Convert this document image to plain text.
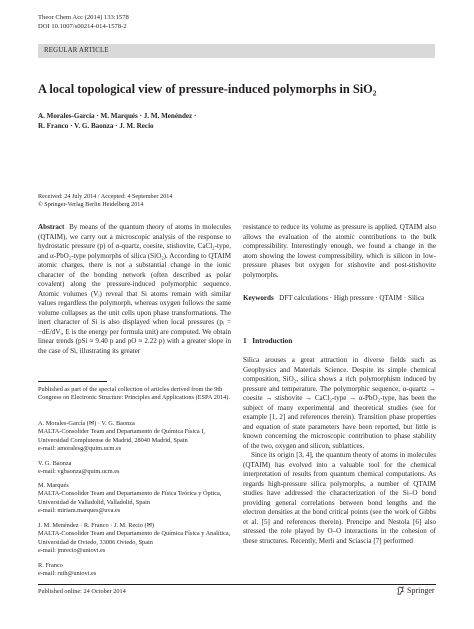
Theor Chem Acc (2014) 133:1578
DOI 10.1007/s00214-014-1578-2
REGULAR ARTICLE
A local topological view of pressure-induced polymorphs in SiO₂
A. Morales-García · M. Marqués · J. M. Menéndez ·
R. Franco · V. G. Baonza · J. M. Recio
Received: 24 July 2014 / Accepted: 4 September 2014
© Springer-Verlag Berlin Heidelberg 2014
Abstract By means of the quantum theory of atoms in molecules (QTAIM), we carry out a microscopic analysis of the response to hydrostatic pressure (p) of α-quartz, coesite, stishovite, CaCl₂-type, and α-PbO₂-type polymorphs of silica (SiO₂). According to QTAIM atomic charges, there is not a substantial change in the ionic character of the bonding network (often described as polar covalent) along the pressure-induced polymorphic sequence. Atomic volumes (Vᵢ) reveal that Si atoms remain with similar values regardless the polymorph, whereas oxygen follows the same volume collapses as the unit cells upon phase transformations. The inert character of Si is also displayed when local pressures (pᵢ = −dE/dVᵢ, E is the energy per formula unit) are computed. We obtain linear trends (pSi ≈ 9.40 p and pO ≈ 2.22 p) with a greater slope in the case of Si, illustrating its greater
resistance to reduce its volume as pressure is applied. QTAIM also allows the evaluation of the atomic contributions to the bulk compressibility. Interestingly enough, we found a change in the atom showing the lowest compressibility, which is silicon in low-pressure phases but oxygen for stishovite and post-stishovite polymorphs.
Keywords DFT calculations · High pressure · QTAIM · Silica
1 Introduction

Silica arouses a great attraction in diverse fields such as Geophysics and Materials Science. Despite its simple chemical composition, SiO₂, silica shows a rich polymorphism induced by pressure and temperature. The polymorphic sequence, α-quartz → coesite → stishovite → CaCl₂-type → α-PbO₂-type, has been the subject of many experimental and theoretical studies (see for example [1, 2] and references therein). Transition phase properties and equation of state parameters have been reported, but little is known concerning the microscopic contribution to phase stability of the two, oxygen and silicon, sublattices.

Since its origin [3, 4], the quantum theory of atoms in molecules (QTAIM) has evolved into a valuable tool for the chemical interpretation of results from quantum chemical computations. As regards high-pressure silica polymorphs, a number of QTAIM studies have addressed the characterization of the Si–O bond providing general correlations between bond lengths and the electron densities at the bond critical points (see the work of Gibbs et al. [5] and references therein). Prencipe and Nestola [6] also stressed the role played by O–O interactions in the cohesion of these structures. Recently, Merli and Sciascia [7] performed

Published as part of the special collection of articles derived from the 9th Congress on Electronic Structure: Principles and Applications (ESPA 2014).
A. Morales-García (✉) · V. G. Baonza
MALTA-Consolider Team and Departamento de Química Física I, Universidad Complutense de Madrid, 28040 Madrid, Spain
e-mail: amoralesg@quim.ucm.es
V. G. Baonza
e-mail: vgbaonza@quim.ucm.es
M. Marqués
MALTA-Consolider Team and Departamento de Física Teórica y Óptica, Universidad de Valladolid, Valladolid, Spain
e-mail: miriam.marques@uva.es
J. M. Menéndez · R. Franco · J. M. Recio (✉)
MALTA-Consolider Team and Departamento de Química Física y Analítica, Universidad de Oviedo, 33006 Oviedo, Spain
e-mail: jmrecio@uniovi.es
R. Franco
e-mail: ruth@uniovi.es
Published online: 24 October 2014	Springer
